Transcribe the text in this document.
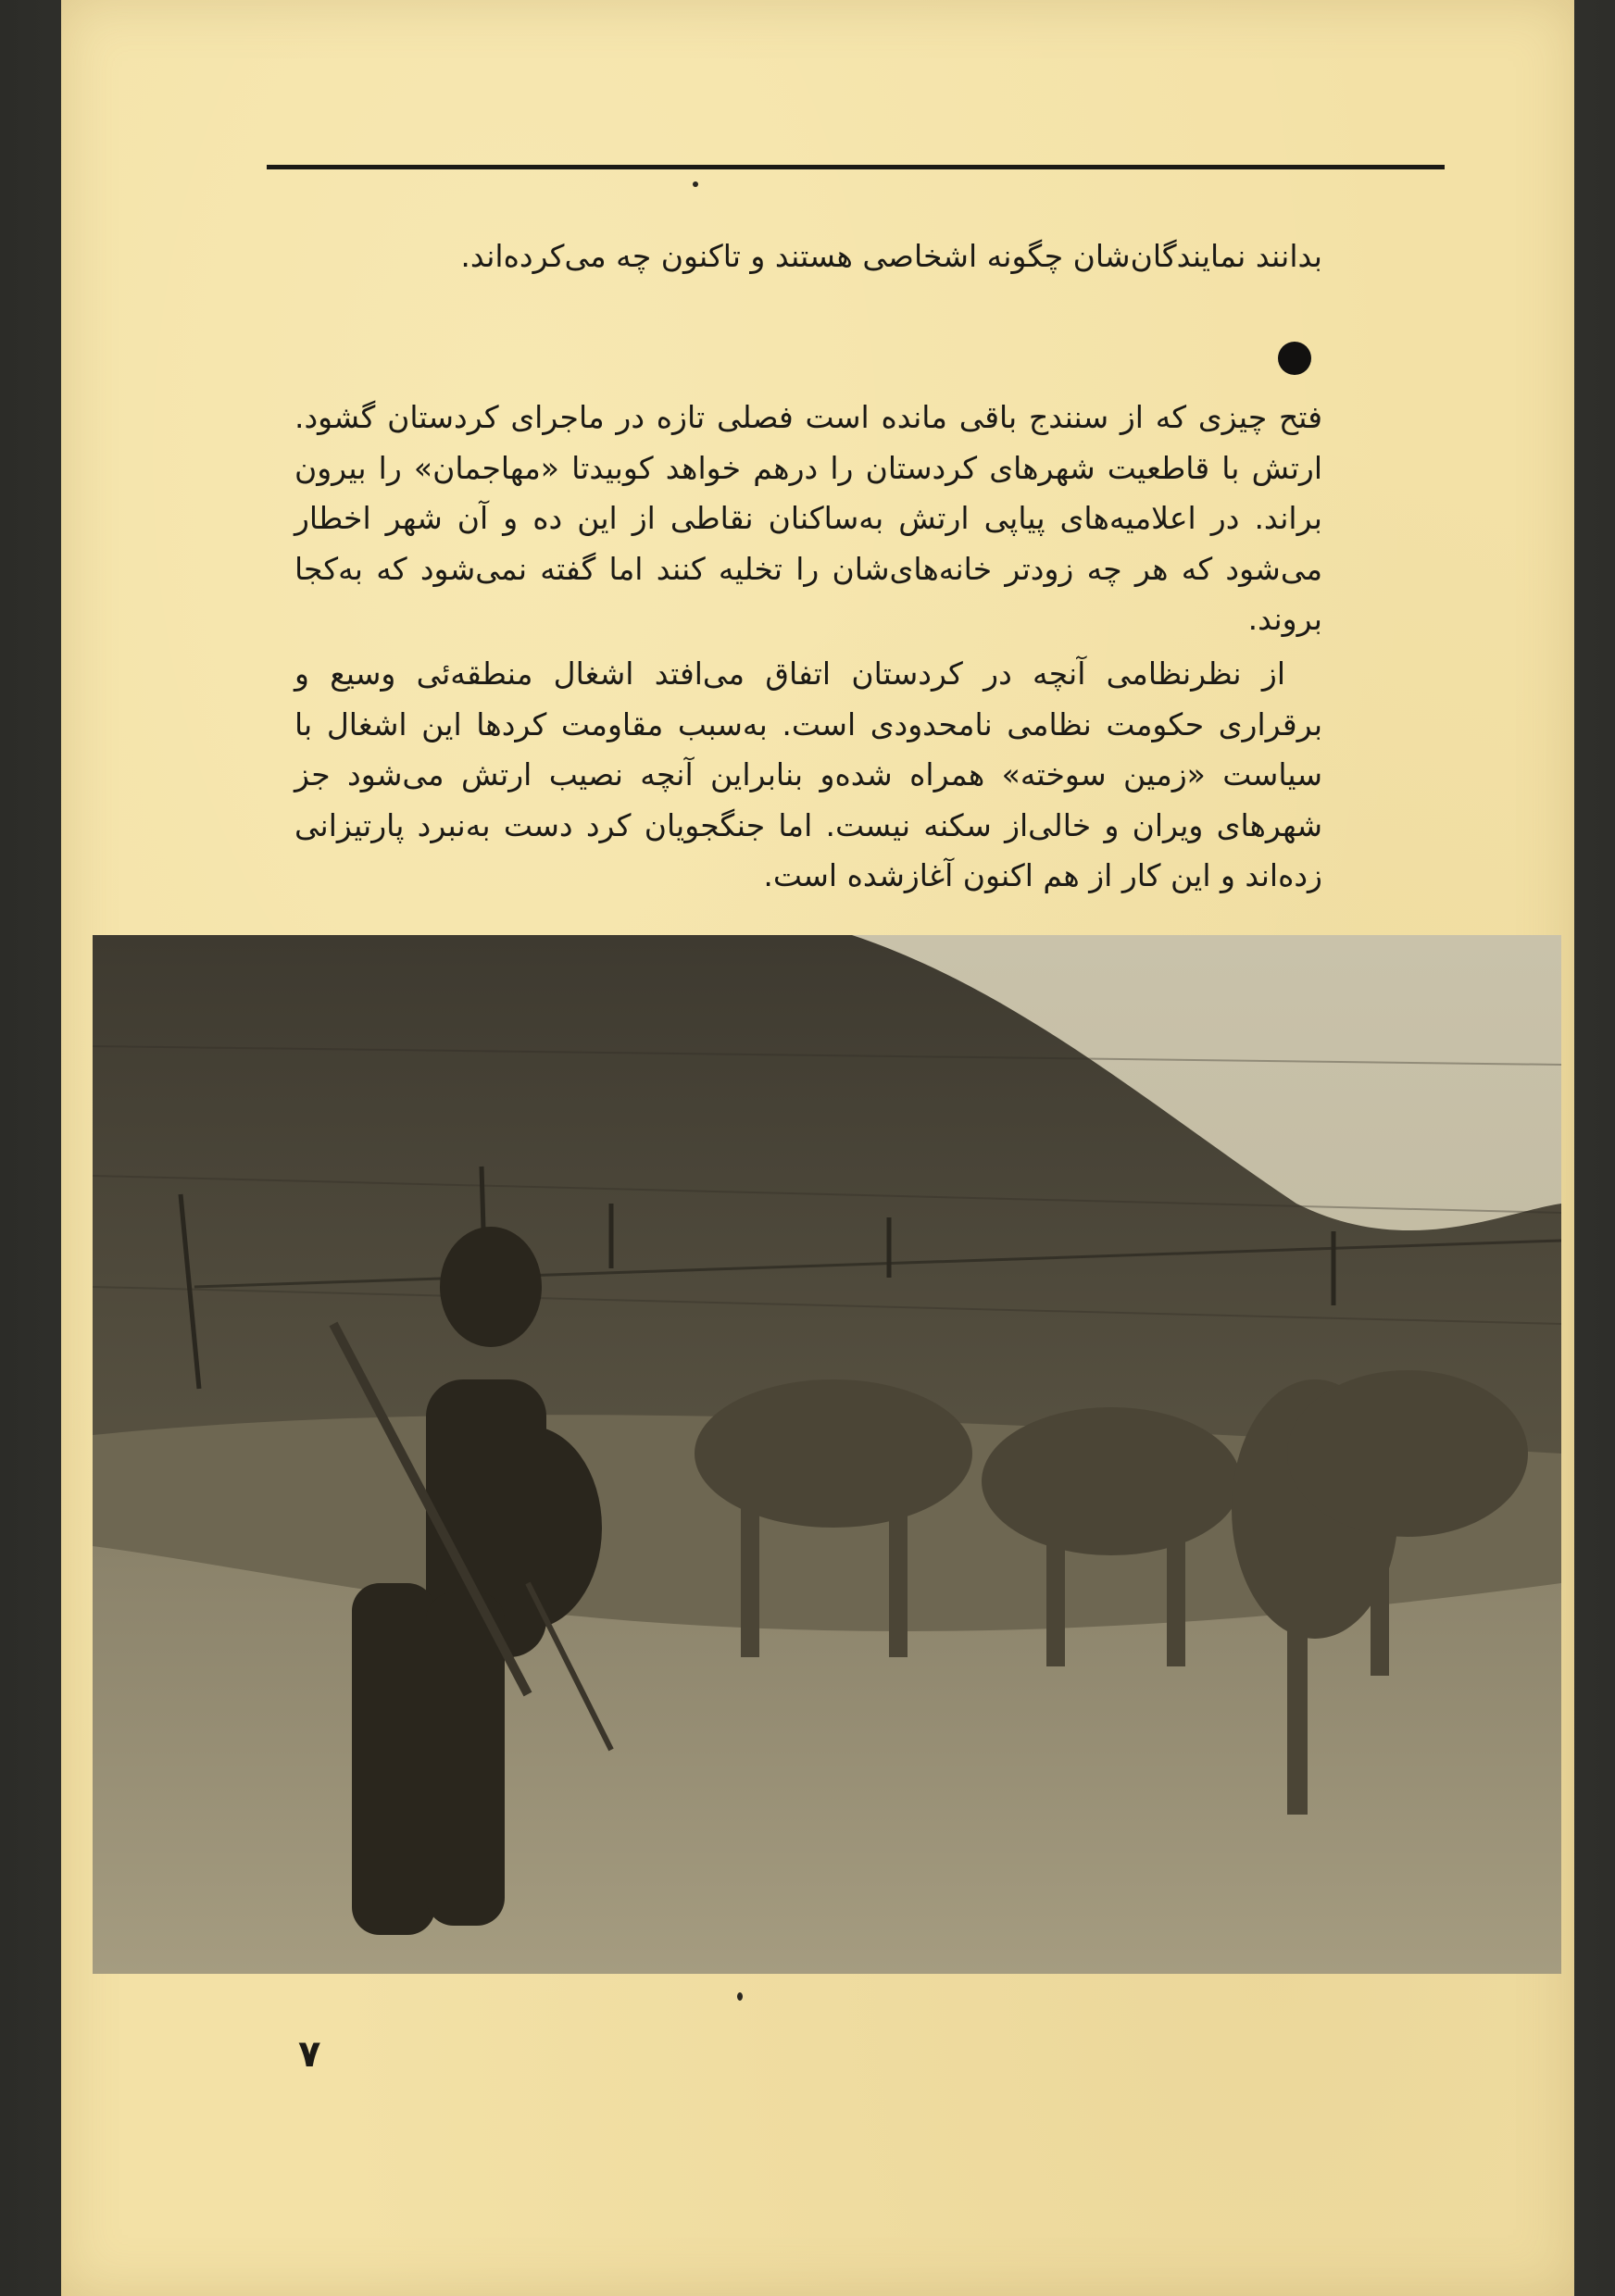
بدانند نمایندگان‌شان چگونه اشخاصی هستند و تاکنون چه می‌کرده‌اند.

فتح چیزی که از سنندج باقی مانده است فصلی تازه در ماجرای کردستان گشود. ارتش با قاطعیت شهرهای کردستان را درهم خواهد کوبیدتا «مهاجمان» را بیرون براند. در اعلامیه‌های پیاپی ارتش به‌ساکنان نقاطی از این ده و آن شهر اخطار می‌شود که هر چه زودتر خانه‌های‌شان را تخلیه کنند اما گفته نمی‌شود که به‌کجا بروند.

از نظرنظامی آنچه در کردستان اتفاق می‌افتد اشغال منطقه‌ئی وسیع و برقراری حکومت نظامی نامحدودی است. به‌سبب مقاومت کردها این اشغال با سیاست «زمین سوخته» همراه شده‌و بنابراین آنچه نصیب ارتش می‌شود جز شهرهای ویران و خالی‌از سکنه نیست. اما جنگجویان کرد دست به‌نبرد پارتیزانی زده‌اند و این کار از هم اکنون آغازشده است.

۷
